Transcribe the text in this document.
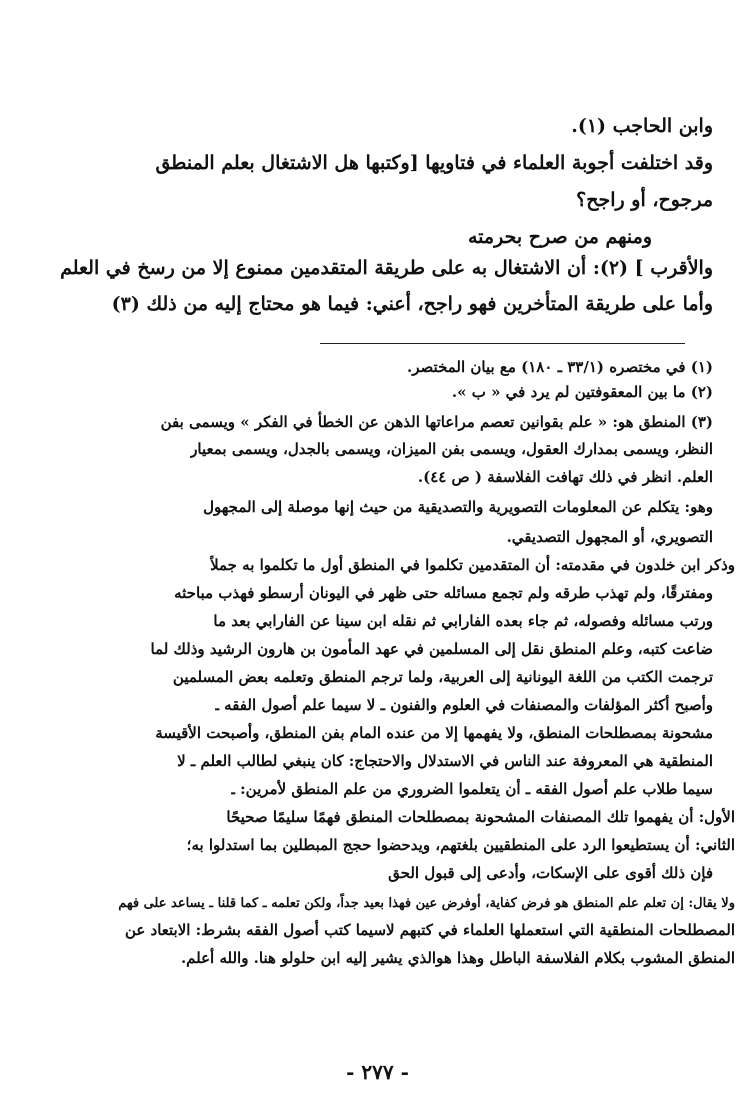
وابن الحاجب (١).
وقد اختلفت أجوبة العلماء في فتاويها [وكتبها هل الاشتغال بعلم المنطق
مرجوح، أو راجح؟
ومنهم من صرح بحرمته
والأقرب ] (٢): أن الاشتغال به على طريقة المتقدمين ممنوع إلا من رسخ في العلم
وأما على طريقة المتأخرين فهو راجح، أعني: فيما هو محتاج إليه من ذلك (٣)
(١) في مختصره (٣٣/١ ـ ١٨٠) مع بيان المختصر.
(٢) ما بين المعقوفتين لم يرد في « ب ».
(٣) المنطق هو: « علم بقوانين تعصم مراعاتها الذهن عن الخطأ في الفكر » ويسمى بفن
النظر، ويسمى بمدارك العقول، ويسمى بفن الميزان، ويسمى بالجدل، ويسمى بمعيار
العلم. انظر في ذلك تهافت الفلاسفة ( ص ٤٤).
وهو: يتكلم عن المعلومات التصويرية والتصديقية من حيث إنها موصلة إلى المجهول
التصويري، أو المجهول التصديقي.
وذكر ابن خلدون في مقدمته: أن المتقدمين تكلموا في المنطق أول ما تكلموا به جملاً
ومفترقًا، ولم تهذب طرقه ولم تجمع مسائله حتى ظهر في اليونان أرسطو فهذب مباحثه
ورتب مسائله وفصوله، ثم جاء بعده الفارابي ثم نقله ابن سينا عن الفارابي بعد ما
ضاعت كتبه، وعلم المنطق نقل إلى المسلمين في عهد المأمون بن هارون الرشيد وذلك لما
ترجمت الكتب من اللغة اليونانية إلى العربية، ولما ترجم المنطق وتعلمه بعض المسلمين
وأصبح أكثر المؤلفات والمصنفات في العلوم والفنون ـ لا سيما علم أصول الفقه ـ
مشحونة بمصطلحات المنطق، ولا يفهمها إلا من عنده المام بفن المنطق، وأصبحت الأقيسة
المنطقية هي المعروفة عند الناس في الاستدلال والاحتجاج: كان ينبغي لطالب العلم ـ لا
سيما طلاب علم أصول الفقه ـ أن يتعلموا الضروري من علم المنطق لأمرين: ـ
الأول: أن يفهموا تلك المصنفات المشحونة بمصطلحات المنطق فهمًا سليمًا صحيحًا
الثاني: أن يستطيعوا الرد على المنطقيين بلغتهم، ويدحضوا حجج المبطلين بما استدلوا به؛
فإن ذلك أقوى على الإسكات، وأدعى إلى قبول الحق
ولا يقال: إن تعلم علم المنطق هو فرض كفاية، أوفرض عين فهذا بعيد جداً، ولكن تعلمه ـ كما قلنا ـ يساعد على فهم
المصطلحات المنطقية التي استعملها العلماء في كتبهم لاسيما كتب أصول الفقه بشرط: الابتعاد عن
المنطق المشوب بكلام الفلاسفة الباطل وهذا هوالذي يشير إليه ابن حلولو هنا. والله أعلم.
- ٢٧٧ -
